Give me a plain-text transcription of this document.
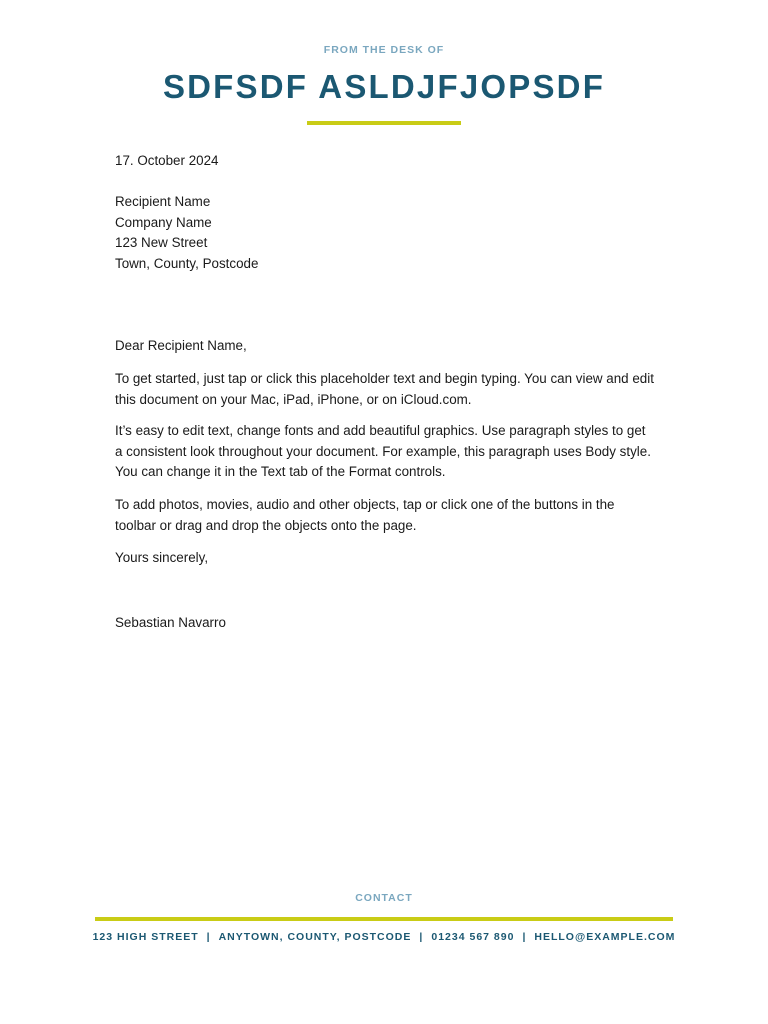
FROM THE DESK OF
SDFSDF ASLDJFJOPSDF
17. October 2024
Recipient Name
Company Name
123 New Street
Town, County, Postcode
Dear Recipient Name,
To get started, just tap or click this placeholder text and begin typing. You can view and edit this document on your Mac, iPad, iPhone, or on iCloud.com.
It’s easy to edit text, change fonts and add beautiful graphics. Use paragraph styles to get a consistent look throughout your document. For example, this paragraph uses Body style. You can change it in the Text tab of the Format controls.
To add photos, movies, audio and other objects, tap or click one of the buttons in the toolbar or drag and drop the objects onto the page.
Yours sincerely,
Sebastian Navarro
CONTACT
123 HIGH STREET | ANYTOWN, COUNTY, POSTCODE | 01234 567 890 | HELLO@EXAMPLE.COM
